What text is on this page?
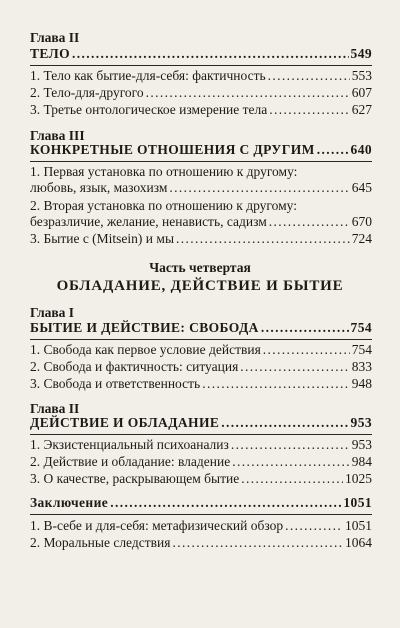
Глава II
ТЕЛО . . .	549
1. Тело как бытие-для-себя: фактичность . . .	553
2. Тело-для-другого . . .	607
3. Третье онтологическое измерение тела . . .	627
Глава III
КОНКРЕТНЫЕ ОТНОШЕНИЯ С ДРУГИМ . . .	640
1. Первая установка по отношению к другому:
любовь, язык, мазохизм . . .	645
2. Вторая установка по отношению к другому:
безразличие, желание, ненависть, садизм . . .	670
3. Бытие с (Mitsein) и мы . . .	724
Часть четвертая
ОБЛАДАНИЕ, ДЕЙСТВИЕ И БЫТИЕ
Глава I
БЫТИЕ И ДЕЙСТВИЕ: СВОБОДА . . .	754
1. Свобода как первое условие действия . . .	754
2. Свобода и фактичность: ситуация . . .	833
3. Свобода и ответственность . . .	948
Глава II
ДЕЙСТВИЕ И ОБЛАДАНИЕ . . .	953
1. Экзистенциальный психоанализ . . .	953
2. Действие и обладание: владение . . .	984
3. О качестве, раскрывающем бытие . . .	1025
Заключение . . .	1051
1. В-себе и для-себя: метафизический обзор . . .	1051
2. Моральные следствия . . .	1064
